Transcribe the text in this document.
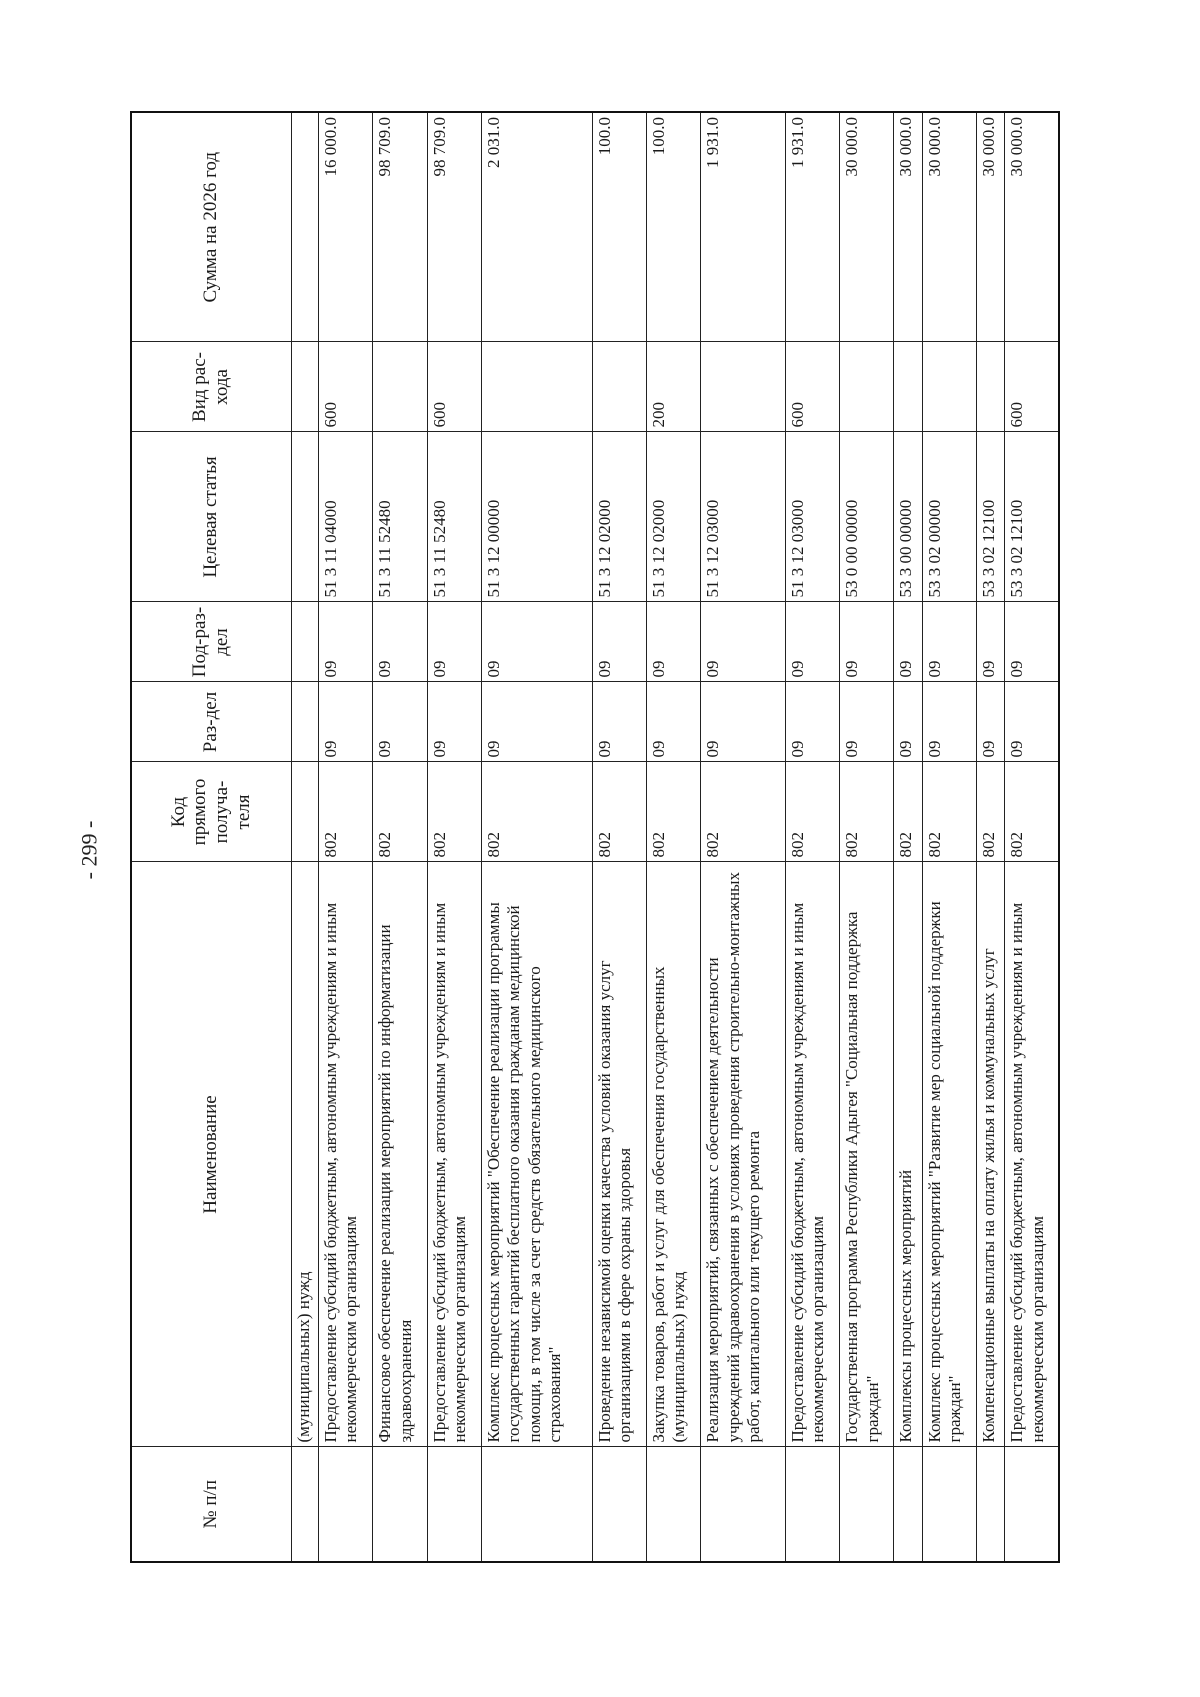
- 299 -
№ п/п	Наименование	Код прямого получа-теля	Раз-дел	Под-раз-дел	Целевая статья	Вид рас-хода	Сумма на 2026 год
	(муниципальных) нужд						
	Предоставление субсидий бюджетным, автономным учреждениям и иным некоммерческим организациям	802	09	09	51 3 11 04000	600	16 000.0
	Финансовое обеспечение реализации мероприятий по информатизации здравоохранения	802	09	09	51 3 11 52480		98 709.0
	Предоставление субсидий бюджетным, автономным учреждениям и иным некоммерческим организациям	802	09	09	51 3 11 52480	600	98 709.0
	Комплекс процессных мероприятий "Обеспечение реализации программы государственных гарантий бесплатного оказания гражданам медицинской помощи, в том числе за счет средств обязательного медицинского страхования"	802	09	09	51 3 12 00000		2 031.0
	Проведение независимой оценки качества условий оказания услуг организациями в сфере охраны здоровья	802	09	09	51 3 12 02000		100.0
	Закупка товаров, работ и услуг для обеспечения государственных (муниципальных) нужд	802	09	09	51 3 12 02000	200	100.0
	Реализация мероприятий, связанных с обеспечением деятельности учреждений здравоохранения в условиях проведения строительно-монтажных работ, капитального или текущего ремонта	802	09	09	51 3 12 03000		1 931.0
	Предоставление субсидий бюджетным, автономным учреждениям и иным некоммерческим организациям	802	09	09	51 3 12 03000	600	1 931.0
	Государственная программа Республики Адыгея "Социальная поддержка граждан"	802	09	09	53 0 00 00000		30 000.0
	Комплексы процессных мероприятий	802	09	09	53 3 00 00000		30 000.0
	Комплекс процессных мероприятий "Развитие мер социальной поддержки граждан"	802	09	09	53 3 02 00000		30 000.0
	Компенсационные выплаты на оплату жилья и коммунальных услуг	802	09	09	53 3 02 12100		30 000.0
	Предоставление субсидий бюджетным, автономным учреждениям и иным некоммерческим организациям	802	09	09	53 3 02 12100	600	30 000.0
